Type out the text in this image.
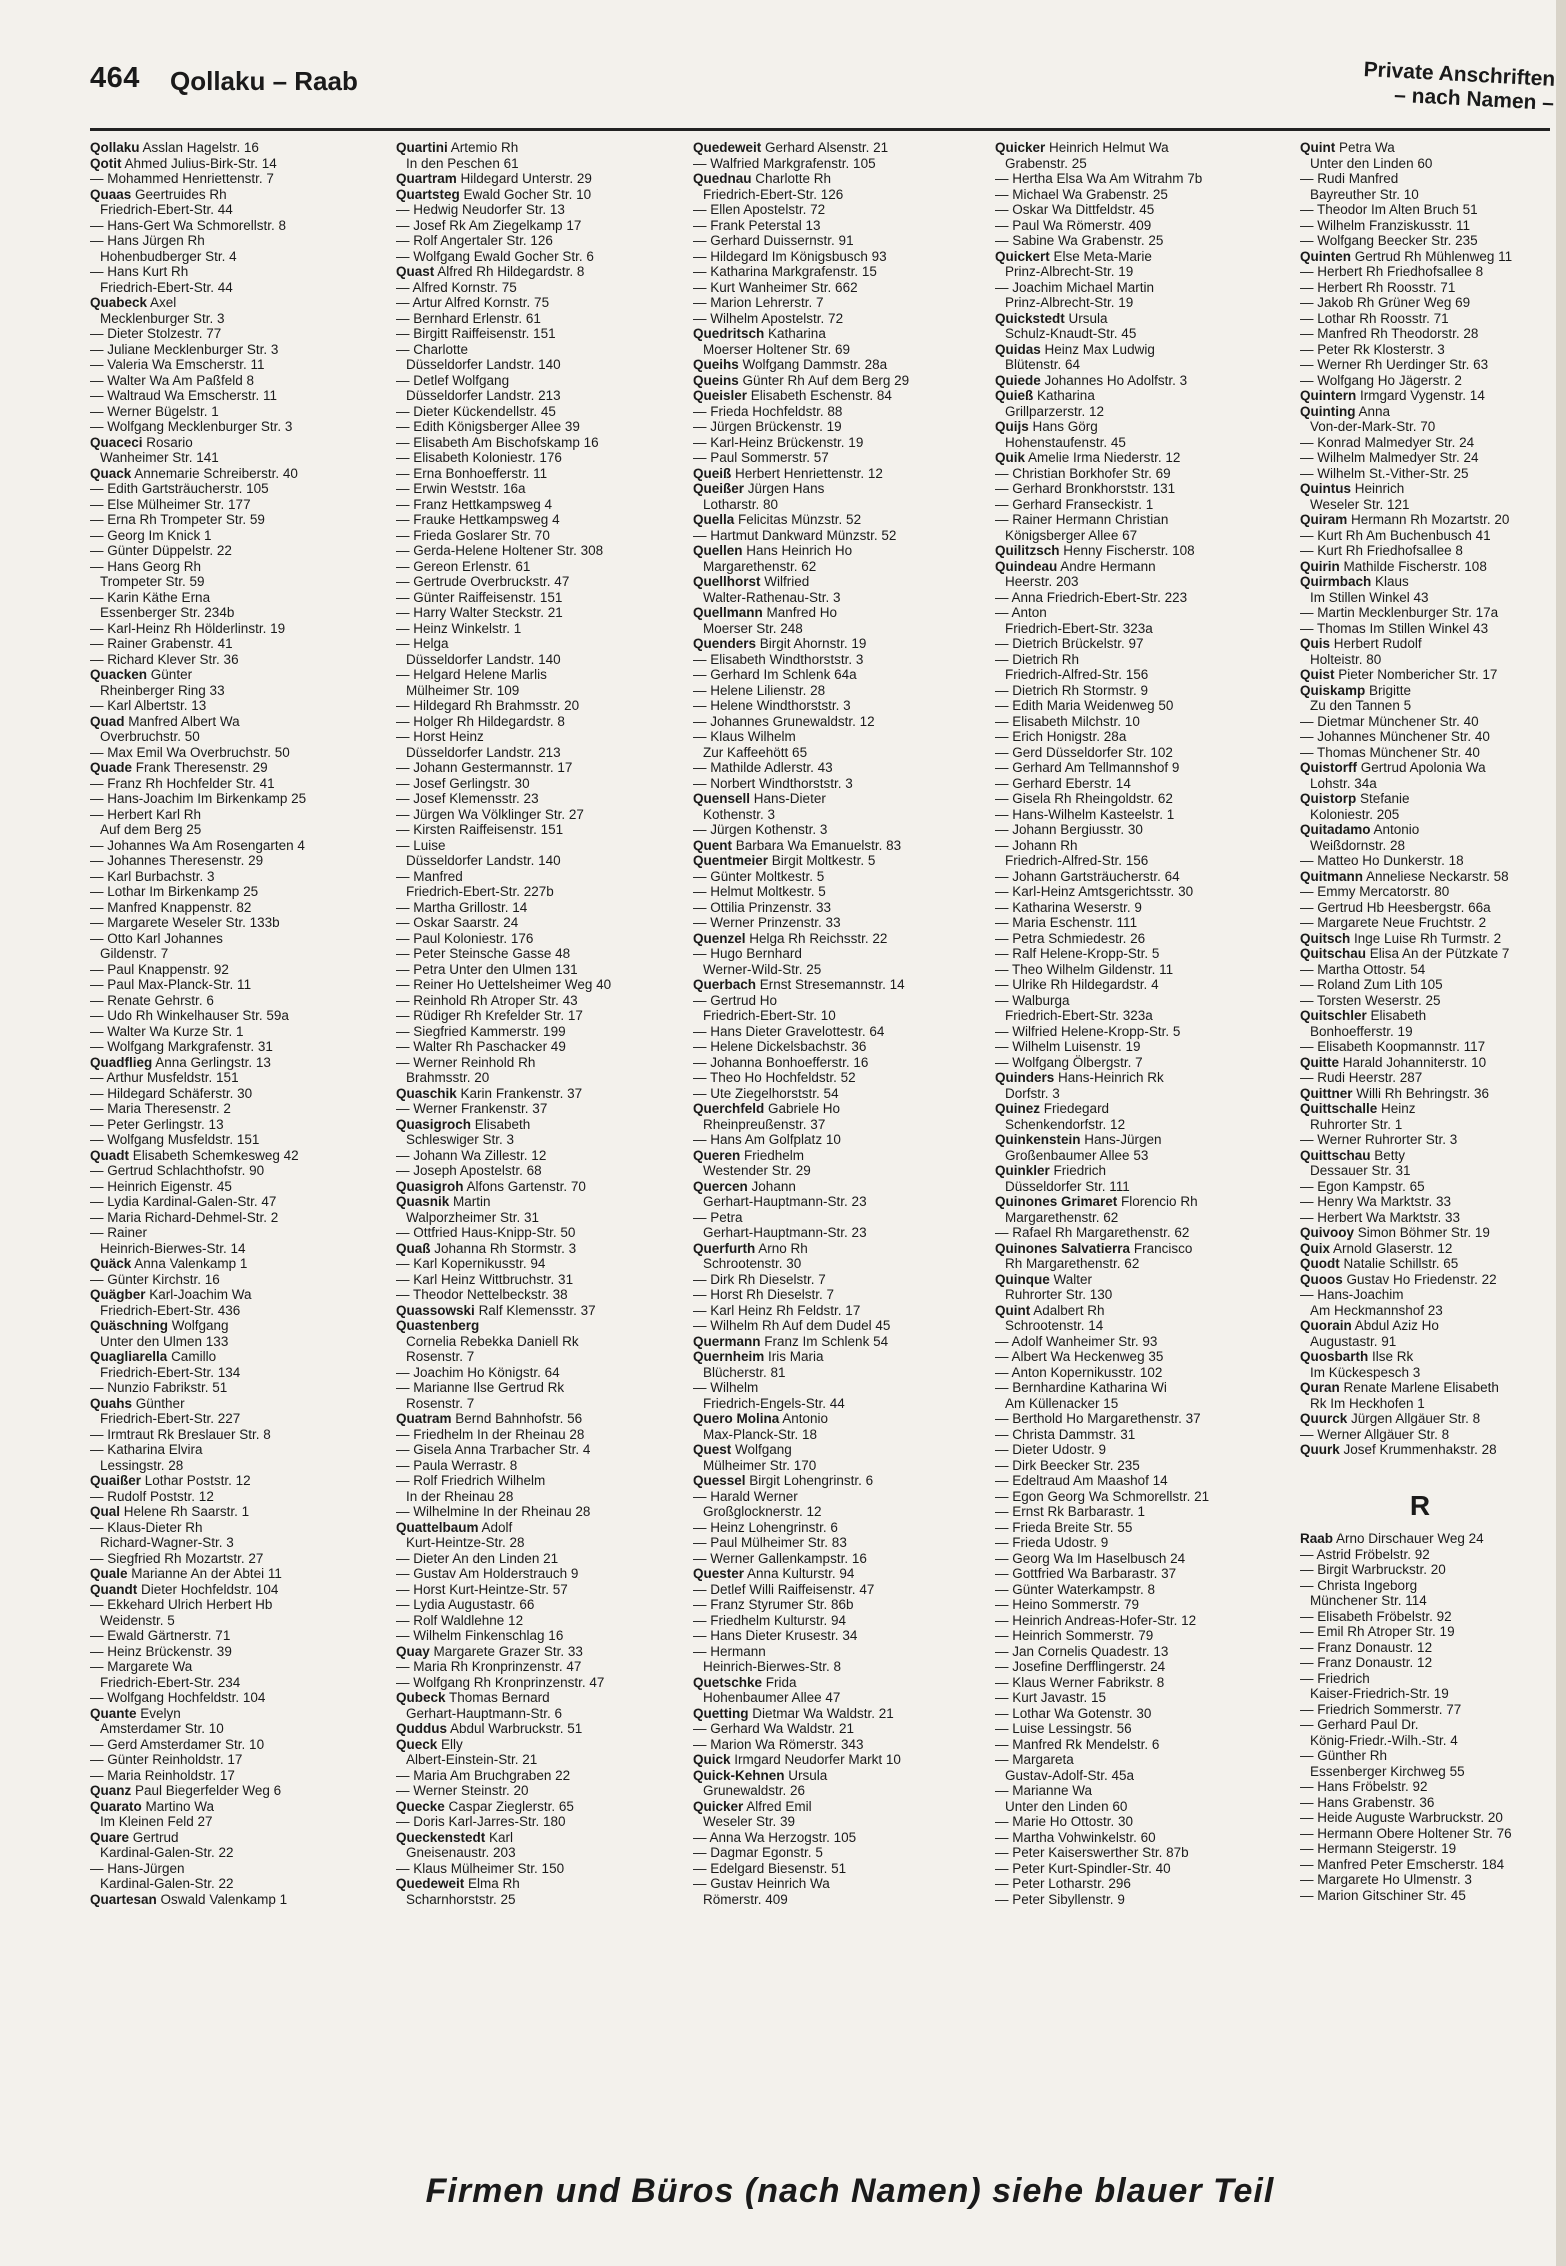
464 Qollaku – Raab	Private Anschriften
– nach Namen –
Qollaku Asslan Hagelstr. 16
Qotit Ahmed Julius-Birk-Str. 14
— Mohammed Henriettenstr. 7
Quaas Geertruides Rh
Friedrich-Ebert-Str. 44
— Hans-Gert Wa Schmorellstr. 8
— Hans Jürgen Rh
Hohenbudberger Str. 4
— Hans Kurt Rh
Friedrich-Ebert-Str. 44
Quabeck Axel
Mecklenburger Str. 3
— Dieter Stolzestr. 77
— Juliane Mecklenburger Str. 3
— Valeria Wa Emscherstr. 11
— Walter Wa Am Paßfeld 8
— Waltraud Wa Emscherstr. 11
— Werner Bügelstr. 1
— Wolfgang Mecklenburger Str. 3
Quaceci Rosario
Wanheimer Str. 141
Quack Annemarie Schreiberstr. 40
— Edith Gartsträucherstr. 105
— Else Mülheimer Str. 177
— Erna Rh Trompeter Str. 59
— Georg Im Knick 1
— Günter Düppelstr. 22
— Hans Georg Rh
Trompeter Str. 59
— Karin Käthe Erna
Essenberger Str. 234b
— Karl-Heinz Rh Hölderlinstr. 19
— Rainer Grabenstr. 41
— Richard Klever Str. 36
Quacken Günter
Rheinberger Ring 33
— Karl Albertstr. 13
Quad Manfred Albert Wa
Overbruchstr. 50
— Max Emil Wa Overbruchstr. 50
Quade Frank Theresenstr. 29
— Franz Rh Hochfelder Str. 41
— Hans-Joachim Im Birkenkamp 25
— Herbert Karl Rh
Auf dem Berg 25
— Johannes Wa Am Rosengarten 4
— Johannes Theresenstr. 29
— Karl Burbachstr. 3
— Lothar Im Birkenkamp 25
— Manfred Knappenstr. 82
— Margarete Weseler Str. 133b
— Otto Karl Johannes
Gildenstr. 7
— Paul Knappenstr. 92
— Paul Max-Planck-Str. 11
— Renate Gehrstr. 6
— Udo Rh Winkelhauser Str. 59a
— Walter Wa Kurze Str. 1
— Wolfgang Markgrafenstr. 31
Quadflieg Anna Gerlingstr. 13
— Arthur Musfeldstr. 151
— Hildegard Schäferstr. 30
— Maria Theresenstr. 2
— Peter Gerlingstr. 13
— Wolfgang Musfeldstr. 151
Quadt Elisabeth Schemkesweg 42
— Gertrud Schlachthofstr. 90
— Heinrich Eigenstr. 45
— Lydia Kardinal-Galen-Str. 47
— Maria Richard-Dehmel-Str. 2
— Rainer
Heinrich-Bierwes-Str. 14
Quäck Anna Valenkamp 1
— Günter Kirchstr. 16
Quägber Karl-Joachim Wa
Friedrich-Ebert-Str. 436
Quäschning Wolfgang
Unter den Ulmen 133
Quagliarella Camillo
Friedrich-Ebert-Str. 134
— Nunzio Fabrikstr. 51
Quahs Günther
Friedrich-Ebert-Str. 227
— Irmtraut Rk Breslauer Str. 8
— Katharina Elvira
Lessingstr. 28
Quaißer Lothar Poststr. 12
— Rudolf Poststr. 12
Qual Helene Rh Saarstr. 1
— Klaus-Dieter Rh
Richard-Wagner-Str. 3
— Siegfried Rh Mozartstr. 27
Quale Marianne An der Abtei 11
Quandt Dieter Hochfeldstr. 104
— Ekkehard Ulrich Herbert Hb
Weidenstr. 5
— Ewald Gärtnerstr. 71
— Heinz Brückenstr. 39
— Margarete Wa
Friedrich-Ebert-Str. 234
— Wolfgang Hochfeldstr. 104
Quante Evelyn
Amsterdamer Str. 10
— Gerd Amsterdamer Str. 10
— Günter Reinholdstr. 17
— Maria Reinholdstr. 17
Quanz Paul Biegerfelder Weg 6
Quarato Martino Wa
Im Kleinen Feld 27
Quare Gertrud
Kardinal-Galen-Str. 22
— Hans-Jürgen
Kardinal-Galen-Str. 22
Quartesan Oswald Valenkamp 1
Quartini Artemio Rh
In den Peschen 61
Quartram Hildegard Unterstr. 29
Quartsteg Ewald Gocher Str. 10
— Hedwig Neudorfer Str. 13
— Josef Rk Am Ziegelkamp 17
— Rolf Angertaler Str. 126
— Wolfgang Ewald Gocher Str. 6
Quast Alfred Rh Hildegardstr. 8
— Alfred Kornstr. 75
— Artur Alfred Kornstr. 75
— Bernhard Erlenstr. 61
— Birgitt Raiffeisenstr. 151
— Charlotte
Düsseldorfer Landstr. 140
— Detlef Wolfgang
Düsseldorfer Landstr. 213
— Dieter Kückendellstr. 45
— Edith Königsberger Allee 39
— Elisabeth Am Bischofskamp 16
— Elisabeth Koloniestr. 176
— Erna Bonhoefferstr. 11
— Erwin Weststr. 16a
— Franz Hettkampsweg 4
— Frauke Hettkampsweg 4
— Frieda Goslarer Str. 70
— Gerda-Helene Holtener Str. 308
— Gereon Erlenstr. 61
— Gertrude Overbruckstr. 47
— Günter Raiffeisenstr. 151
— Harry Walter Steckstr. 21
— Heinz Winkelstr. 1
— Helga
Düsseldorfer Landstr. 140
— Helgard Helene Marlis
Mülheimer Str. 109
— Hildegard Rh Brahmsstr. 20
— Holger Rh Hildegardstr. 8
— Horst Heinz
Düsseldorfer Landstr. 213
— Johann Gestermannstr. 17
— Josef Gerlingstr. 30
— Josef Klemensstr. 23
— Jürgen Wa Völklinger Str. 27
— Kirsten Raiffeisenstr. 151
— Luise
Düsseldorfer Landstr. 140
— Manfred
Friedrich-Ebert-Str. 227b
— Martha Grillostr. 14
— Oskar Saarstr. 24
— Paul Koloniestr. 176
— Peter Steinsche Gasse 48
— Petra Unter den Ulmen 131
— Reiner Ho Uettelsheimer Weg 40
— Reinhold Rh Atroper Str. 43
— Rüdiger Rh Krefelder Str. 17
— Siegfried Kammerstr. 199
— Walter Rh Paschacker 49
— Werner Reinhold Rh
Brahmsstr. 20
Quaschik Karin Frankenstr. 37
— Werner Frankenstr. 37
Quasigroch Elisabeth
Schleswiger Str. 3
— Johann Wa Zillestr. 12
— Joseph Apostelstr. 68
Quasigroh Alfons Gartenstr. 70
Quasnik Martin
Walporzheimer Str. 31
— Ottfried Haus-Knipp-Str. 50
Quaß Johanna Rh Stormstr. 3
— Karl Kopernikusstr. 94
— Karl Heinz Wittbruchstr. 31
— Theodor Nettelbeckstr. 38
Quassowski Ralf Klemensstr. 37
Quastenberg
Cornelia Rebekka Daniell Rk
Rosenstr. 7
— Joachim Ho Königstr. 64
— Marianne Ilse Gertrud Rk
Rosenstr. 7
Quatram Bernd Bahnhofstr. 56
— Friedhelm In der Rheinau 28
— Gisela Anna Trarbacher Str. 4
— Paula Werrastr. 8
— Rolf Friedrich Wilhelm
In der Rheinau 28
— Wilhelmine In der Rheinau 28
Quattelbaum Adolf
Kurt-Heintze-Str. 28
— Dieter An den Linden 21
— Gustav Am Holderstrauch 9
— Horst Kurt-Heintze-Str. 57
— Lydia Augustastr. 66
— Rolf Waldlehne 12
— Wilhelm Finkenschlag 16
Quay Margarete Grazer Str. 33
— Maria Rh Kronprinzenstr. 47
— Wolfgang Rh Kronprinzenstr. 47
Qubeck Thomas Bernard
Gerhart-Hauptmann-Str. 6
Quddus Abdul Warbruckstr. 51
Queck Elly
Albert-Einstein-Str. 21
— Maria Am Bruchgraben 22
— Werner Steinstr. 20
Quecke Caspar Zieglerstr. 65
— Doris Karl-Jarres-Str. 180
Queckenstedt Karl
Gneisenaustr. 203
— Klaus Mülheimer Str. 150
Quedeweit Elma Rh
Scharnhorststr. 25
Quedeweit Gerhard Alsenstr. 21
— Walfried Markgrafenstr. 105
Quednau Charlotte Rh
Friedrich-Ebert-Str. 126
— Ellen Apostelstr. 72
— Frank Peterstal 13
— Gerhard Duissernstr. 91
— Hildegard Im Königsbusch 93
— Katharina Markgrafenstr. 15
— Kurt Wanheimer Str. 662
— Marion Lehrerstr. 7
— Wilhelm Apostelstr. 72
Quedritsch Katharina
Moerser Holtener Str. 69
Queihs Wolfgang Dammstr. 28a
Queins Günter Rh Auf dem Berg 29
Queisler Elisabeth Eschenstr. 84
— Frieda Hochfeldstr. 88
— Jürgen Brückenstr. 19
— Karl-Heinz Brückenstr. 19
— Paul Sommerstr. 57
Queiß Herbert Henriettenstr. 12
Queißer Jürgen Hans
Lotharstr. 80
Quella Felicitas Münzstr. 52
— Hartmut Dankward Münzstr. 52
Quellen Hans Heinrich Ho
Margarethenstr. 62
Quellhorst Wilfried
Walter-Rathenau-Str. 3
Quellmann Manfred Ho
Moerser Str. 248
Quenders Birgit Ahornstr. 19
— Elisabeth Windthorststr. 3
— Gerhard Im Schlenk 64a
— Helene Lilienstr. 28
— Helene Windthorststr. 3
— Johannes Grunewaldstr. 12
— Klaus Wilhelm
Zur Kaffeehött 65
— Mathilde Adlerstr. 43
— Norbert Windthorststr. 3
Quensell Hans-Dieter
Kothenstr. 3
— Jürgen Kothenstr. 3
Quent Barbara Wa Emanuelstr. 83
Quentmeier Birgit Moltkestr. 5
— Günter Moltkestr. 5
— Helmut Moltkestr. 5
— Ottilia Prinzenstr. 33
— Werner Prinzenstr. 33
Quenzel Helga Rh Reichsstr. 22
— Hugo Bernhard
Werner-Wild-Str. 25
Querbach Ernst Stresemannstr. 14
— Gertrud Ho
Friedrich-Ebert-Str. 10
— Hans Dieter Gravelottestr. 64
— Helene Dickelsbachstr. 36
— Johanna Bonhoefferstr. 16
— Theo Ho Hochfeldstr. 52
— Ute Ziegelhorststr. 54
Querchfeld Gabriele Ho
Rheinpreußenstr. 37
— Hans Am Golfplatz 10
Queren Friedhelm
Westender Str. 29
Quercen Johann
Gerhart-Hauptmann-Str. 23
— Petra
Gerhart-Hauptmann-Str. 23
Querfurth Arno Rh
Schrootenstr. 30
— Dirk Rh Dieselstr. 7
— Horst Rh Dieselstr. 7
— Karl Heinz Rh Feldstr. 17
— Wilhelm Rh Auf dem Dudel 45
Quermann Franz Im Schlenk 54
Quernheim Iris Maria
Blücherstr. 81
— Wilhelm
Friedrich-Engels-Str. 44
Quero Molina Antonio
Max-Planck-Str. 18
Quest Wolfgang
Mülheimer Str. 170
Quessel Birgit Lohengrinstr. 6
— Harald Werner
Großglocknerstr. 12
— Heinz Lohengrinstr. 6
— Paul Mülheimer Str. 83
— Werner Gallenkampstr. 16
Quester Anna Kulturstr. 94
— Detlef Willi Raiffeisenstr. 47
— Franz Styrumer Str. 86b
— Friedhelm Kulturstr. 94
— Hans Dieter Krusestr. 34
— Hermann
Heinrich-Bierwes-Str. 8
Quetschke Frida
Hohenbaumer Allee 47
Quetting Dietmar Wa Waldstr. 21
— Gerhard Wa Waldstr. 21
— Marion Wa Römerstr. 343
Quick Irmgard Neudorfer Markt 10
Quick-Kehnen Ursula
Grunewaldstr. 26
Quicker Alfred Emil
Weseler Str. 39
— Anna Wa Herzogstr. 105
— Dagmar Egonstr. 5
— Edelgard Biesenstr. 51
— Gustav Heinrich Wa
Römerstr. 409
Quicker Heinrich Helmut Wa
Grabenstr. 25
— Hertha Elsa Wa Am Witrahm 7b
— Michael Wa Grabenstr. 25
— Oskar Wa Dittfeldstr. 45
— Paul Wa Römerstr. 409
— Sabine Wa Grabenstr. 25
Quickert Else Meta-Marie
Prinz-Albrecht-Str. 19
— Joachim Michael Martin
Prinz-Albrecht-Str. 19
Quickstedt Ursula
Schulz-Knaudt-Str. 45
Quidas Heinz Max Ludwig
Blütenstr. 64
Quiede Johannes Ho Adolfstr. 3
Quieß Katharina
Grillparzerstr. 12
Quijs Hans Görg
Hohenstaufenstr. 45
Quik Amelie Irma Niederstr. 12
— Christian Borkhofer Str. 69
— Gerhard Bronkhorststr. 131
— Gerhard Franseckistr. 1
— Rainer Hermann Christian
Königsberger Allee 67
Quilitzsch Henny Fischerstr. 108
Quindeau Andre Hermann
Heerstr. 203
— Anna Friedrich-Ebert-Str. 223
— Anton
Friedrich-Ebert-Str. 323a
— Dietrich Brückelstr. 97
— Dietrich Rh
Friedrich-Alfred-Str. 156
— Dietrich Rh Stormstr. 9
— Edith Maria Weidenweg 50
— Elisabeth Milchstr. 10
— Erich Honigstr. 28a
— Gerd Düsseldorfer Str. 102
— Gerhard Am Tellmannshof 9
— Gerhard Eberstr. 14
— Gisela Rh Rheingoldstr. 62
— Hans-Wilhelm Kasteelstr. 1
— Johann Bergiusstr. 30
— Johann Rh
Friedrich-Alfred-Str. 156
— Johann Gartsträucherstr. 64
— Karl-Heinz Amtsgerichtsstr. 30
— Katharina Weserstr. 9
— Maria Eschenstr. 111
— Petra Schmiedestr. 26
— Ralf Helene-Kropp-Str. 5
— Theo Wilhelm Gildenstr. 11
— Ulrike Rh Hildegardstr. 4
— Walburga
Friedrich-Ebert-Str. 323a
— Wilfried Helene-Kropp-Str. 5
— Wilhelm Luisenstr. 19
— Wolfgang Ölbergstr. 7
Quinders Hans-Heinrich Rk
Dorfstr. 3
Quinez Friedegard
Schenkendorfstr. 12
Quinkenstein Hans-Jürgen
Großenbaumer Allee 53
Quinkler Friedrich
Düsseldorfer Str. 111
Quinones Grimaret Florencio Rh
Margarethenstr. 62
— Rafael Rh Margarethenstr. 62
Quinones Salvatierra Francisco
Rh Margarethenstr. 62
Quinque Walter
Ruhrorter Str. 130
Quint Adalbert Rh
Schrootenstr. 14
— Adolf Wanheimer Str. 93
— Albert Wa Heckenweg 35
— Anton Kopernikusstr. 102
— Bernhardine Katharina Wi
Am Küllenacker 15
— Berthold Ho Margarethenstr. 37
— Christa Dammstr. 31
— Dieter Udostr. 9
— Dirk Beecker Str. 235
— Edeltraud Am Maashof 14
— Egon Georg Wa Schmorellstr. 21
— Ernst Rk Barbarastr. 1
— Frieda Breite Str. 55
— Frieda Udostr. 9
— Georg Wa Im Haselbusch 24
— Gottfried Wa Barbarastr. 37
— Günter Waterkampstr. 8
— Heino Sommerstr. 79
— Heinrich Andreas-Hofer-Str. 12
— Heinrich Sommerstr. 79
— Jan Cornelis Quadestr. 13
— Josefine Derfflingerstr. 24
— Klaus Werner Fabrikstr. 8
— Kurt Javastr. 15
— Lothar Wa Gotenstr. 30
— Luise Lessingstr. 56
— Manfred Rk Mendelstr. 6
— Margareta
Gustav-Adolf-Str. 45a
— Marianne Wa
Unter den Linden 60
— Marie Ho Ottostr. 30
— Martha Vohwinkelstr. 60
— Peter Kaiserswerther Str. 87b
— Peter Kurt-Spindler-Str. 40
— Peter Lotharstr. 296
— Peter Sibyllenstr. 9
Quint Petra Wa
Unter den Linden 60
— Rudi Manfred
Bayreuther Str. 10
— Theodor Im Alten Bruch 51
— Wilhelm Franziskusstr. 11
— Wolfgang Beecker Str. 235
Quinten Gertrud Rh Mühlenweg 11
— Herbert Rh Friedhofsallee 8
— Herbert Rh Roosstr. 71
— Jakob Rh Grüner Weg 69
— Lothar Rh Roosstr. 71
— Manfred Rh Theodorstr. 28
— Peter Rk Klosterstr. 3
— Werner Rh Uerdinger Str. 63
— Wolfgang Ho Jägerstr. 2
Quintern Irmgard Vygenstr. 14
Quinting Anna
Von-der-Mark-Str. 70
— Konrad Malmedyer Str. 24
— Wilhelm Malmedyer Str. 24
— Wilhelm St.-Vither-Str. 25
Quintus Heinrich
Weseler Str. 121
Quiram Hermann Rh Mozartstr. 20
— Kurt Rh Am Buchenbusch 41
— Kurt Rh Friedhofsallee 8
Quirin Mathilde Fischerstr. 108
Quirmbach Klaus
Im Stillen Winkel 43
— Martin Mecklenburger Str. 17a
— Thomas Im Stillen Winkel 43
Quis Herbert Rudolf
Holteistr. 80
Quist Pieter Nombericher Str. 17
Quiskamp Brigitte
Zu den Tannen 5
— Dietmar Münchener Str. 40
— Johannes Münchener Str. 40
— Thomas Münchener Str. 40
Quistorff Gertrud Apolonia Wa
Lohstr. 34a
Quistorp Stefanie
Koloniestr. 205
Quitadamo Antonio
Weißdornstr. 28
— Matteo Ho Dunkerstr. 18
Quitmann Anneliese Neckarstr. 58
— Emmy Mercatorstr. 80
— Gertrud Hb Heesbergstr. 66a
— Margarete Neue Fruchtstr. 2
Quitsch Inge Luise Rh Turmstr. 2
Quitschau Elisa An der Pützkate 7
— Martha Ottostr. 54
— Roland Zum Lith 105
— Torsten Weserstr. 25
Quitschler Elisabeth
Bonhoefferstr. 19
— Elisabeth Koopmannstr. 117
Quitte Harald Johanniterstr. 10
— Rudi Heerstr. 287
Quittner Willi Rh Behringstr. 36
Quittschalle Heinz
Ruhrorter Str. 1
— Werner Ruhrorter Str. 3
Quittschau Betty
Dessauer Str. 31
— Egon Kampstr. 65
— Henry Wa Marktstr. 33
— Herbert Wa Marktstr. 33
Quivooy Simon Böhmer Str. 19
Quix Arnold Glaserstr. 12
Quodt Natalie Schillstr. 65
Quoos Gustav Ho Friedenstr. 22
— Hans-Joachim
Am Heckmannshof 23
Quorain Abdul Aziz Ho
Augustastr. 91
Quosbarth Ilse Rk
Im Kückespesch 3
Quran Renate Marlene Elisabeth
Rk Im Heckhofen 1
Quurck Jürgen Allgäuer Str. 8
— Werner Allgäuer Str. 8
Quurk Josef Krummenhakstr. 28
R
Raab Arno Dirschauer Weg 24
— Astrid Fröbelstr. 92
— Birgit Warbruckstr. 20
— Christa Ingeborg
Münchener Str. 114
— Elisabeth Fröbelstr. 92
— Emil Rh Atroper Str. 19
— Franz Donaustr. 12
— Franz Donaustr. 12
— Friedrich
Kaiser-Friedrich-Str. 19
— Friedrich Sommerstr. 77
— Gerhard Paul Dr.
König-Friedr.-Wilh.-Str. 4
— Günther Rh
Essenberger Kirchweg 55
— Hans Fröbelstr. 92
— Hans Grabenstr. 36
— Heide Auguste Warbruckstr. 20
— Hermann Obere Holtener Str. 76
— Hermann Steigerstr. 19
— Manfred Peter Emscherstr. 184
— Margarete Ho Ulmenstr. 3
— Marion Gitschiner Str. 45
Firmen und Büros (nach Namen) siehe blauer Teil
